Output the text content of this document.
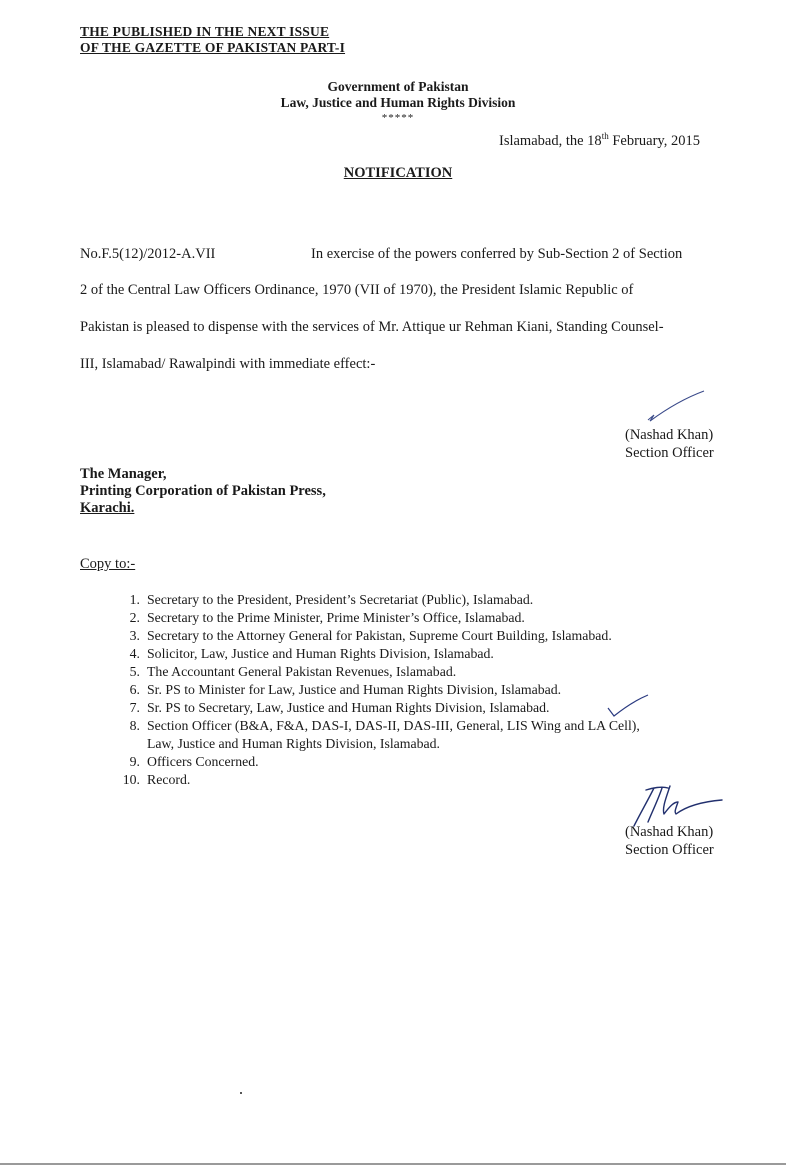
THE PUBLISHED IN THE NEXT ISSUE
OF THE GAZETTE OF PAKISTAN PART-I
Government of Pakistan
Law, Justice and Human Rights Division
*****
Islamabad, the 18th February, 2015
NOTIFICATION
No.F.5(12)/2012-A.VII	In exercise of the powers conferred by Sub-Section 2 of Section
2 of the Central Law Officers Ordinance, 1970 (VII of 1970), the President Islamic Republic of
Pakistan is pleased to dispense with the services of Mr. Attique ur Rehman Kiani, Standing Counsel-
III, Islamabad/ Rawalpindi with immediate effect:-
(Nashad Khan)
Section Officer
The Manager,
Printing Corporation of Pakistan Press,
Karachi.
Copy to:-
1. Secretary to the President, President’s Secretariat (Public), Islamabad.
2. Secretary to the Prime Minister, Prime Minister’s Office, Islamabad.
3. Secretary to the Attorney General for Pakistan, Supreme Court Building, Islamabad.
4. Solicitor, Law, Justice and Human Rights Division, Islamabad.
5. The Accountant General Pakistan Revenues, Islamabad.
6. Sr. PS to Minister for Law, Justice and Human Rights Division, Islamabad.
7. Sr. PS to Secretary, Law, Justice and Human Rights Division, Islamabad.
8. Section Officer (B&A, F&A, DAS-I, DAS-II, DAS-III, General, LIS Wing and LA Cell),
Law, Justice and Human Rights Division, Islamabad.
9. Officers Concerned.
10. Record.
(Nashad Khan)
Section Officer
